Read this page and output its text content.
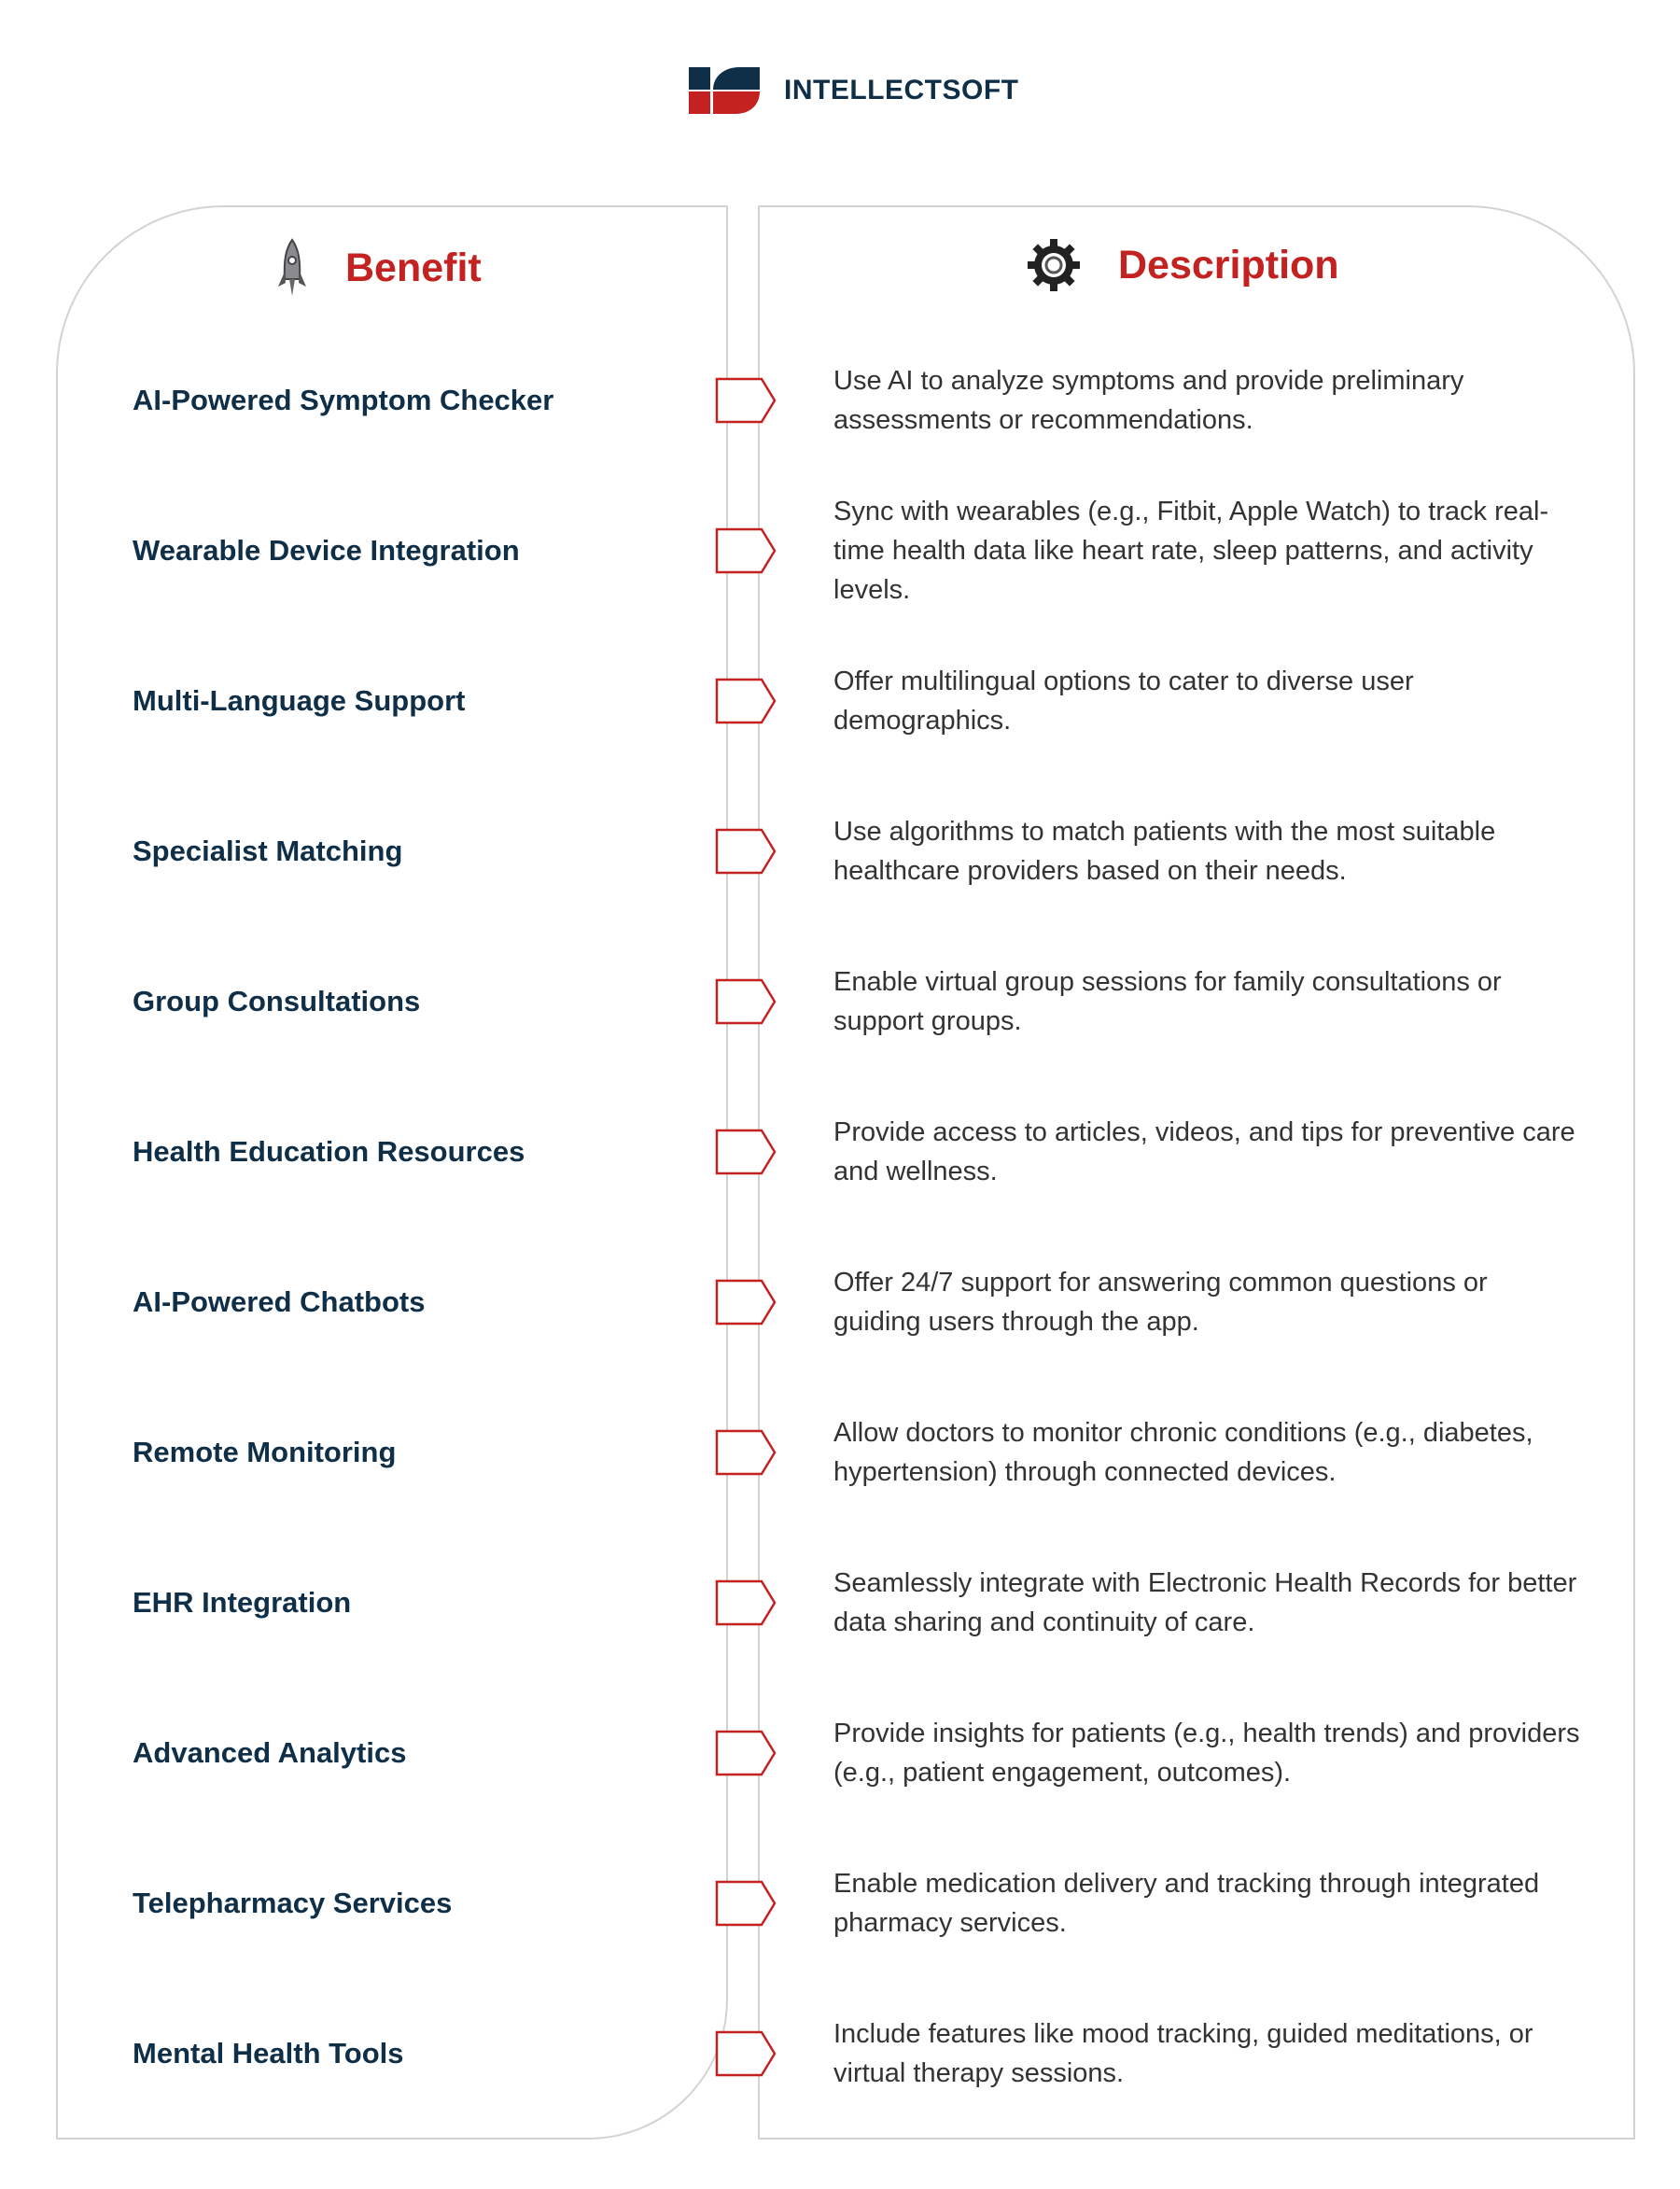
INTELLECTSOFT
Benefit	Description
AI-Powered Symptom Checker
Use AI to analyze symptoms and provide preliminary assessments or recommendations.
Wearable Device Integration
Sync with wearables (e.g., Fitbit, Apple Watch) to track real-time health data like heart rate, sleep patterns, and activity levels.
Multi-Language Support
Offer multilingual options to cater to diverse user demographics.
Specialist Matching
Use algorithms to match patients with the most suitable healthcare providers based on their needs.
Group Consultations
Enable virtual group sessions for family consultations or support groups.
Health Education Resources
Provide access to articles, videos, and tips for preventive care and wellness.
AI-Powered Chatbots
Offer 24/7 support for answering common questions or guiding users through the app.
Remote Monitoring
Allow doctors to monitor chronic conditions (e.g., diabetes, hypertension) through connected devices.
EHR Integration
Seamlessly integrate with Electronic Health Records for better data sharing and continuity of care.
Advanced Analytics
Provide insights for patients (e.g., health trends) and providers (e.g., patient engagement, outcomes).
Telepharmacy Services
Enable medication delivery and tracking through integrated pharmacy services.
Mental Health Tools
Include features like mood tracking, guided meditations, or virtual therapy sessions.
